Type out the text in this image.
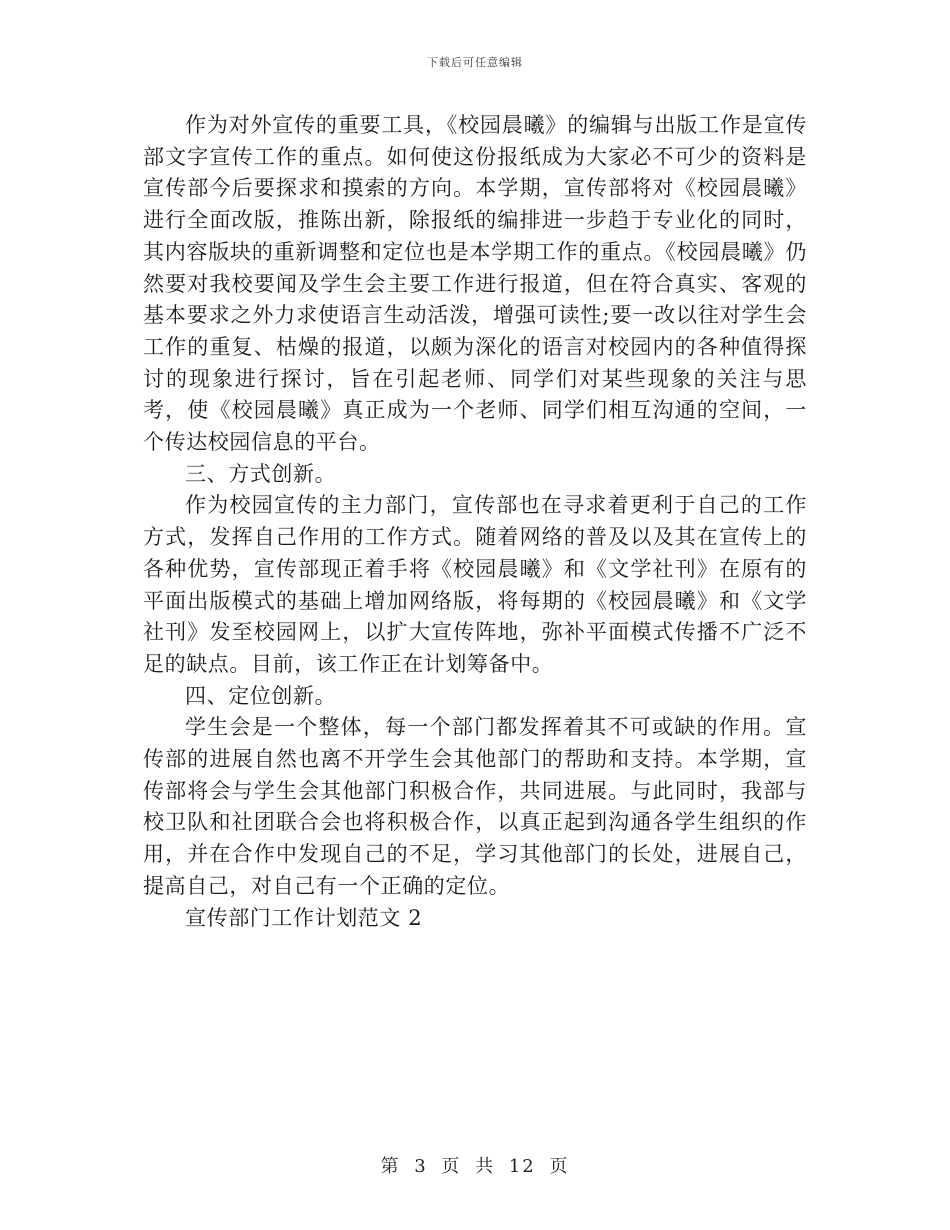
下载后可任意编辑

作为对外宣传的重要工具，《校园晨曦》的编辑与出版工作是宣传部文字宣传工作的重点。如何使这份报纸成为大家必不可少的资料是宣传部今后要探求和摸索的方向。本学期，宣传部将对《校园晨曦》进行全面改版，推陈出新，除报纸的编排进一步趋于专业化的同时，其内容版块的重新调整和定位也是本学期工作的重点。《校园晨曦》仍然要对我校要闻及学生会主要工作进行报道，但在符合真实、客观的基本要求之外力求使语言生动活泼，增强可读性;要一改以往对学生会工作的重复、枯燥的报道，以颇为深化的语言对校园内的各种值得探讨的现象进行探讨，旨在引起老师、同学们对某些现象的关注与思考，使《校园晨曦》真正成为一个老师、同学们相互沟通的空间，一个传达校园信息的平台。

三、方式创新。

作为校园宣传的主力部门，宣传部也在寻求着更利于自己的工作方式，发挥自己作用的工作方式。随着网络的普及以及其在宣传上的各种优势，宣传部现正着手将《校园晨曦》和《文学社刊》在原有的平面出版模式的基础上增加网络版，将每期的《校园晨曦》和《文学社刊》发至校园网上，以扩大宣传阵地，弥补平面模式传播不广泛不足的缺点。目前，该工作正在计划筹备中。

四、定位创新。

学生会是一个整体，每一个部门都发挥着其不可或缺的作用。宣传部的进展自然也离不开学生会其他部门的帮助和支持。本学期，宣传部将会与学生会其他部门积极合作，共同进展。与此同时，我部与校卫队和社团联合会也将积极合作，以真正起到沟通各学生组织的作用，并在合作中发现自己的不足，学习其他部门的长处，进展自己，提高自己，对自己有一个正确的定位。

宣传部门工作计划范文 2

第 3 页 共 12 页
